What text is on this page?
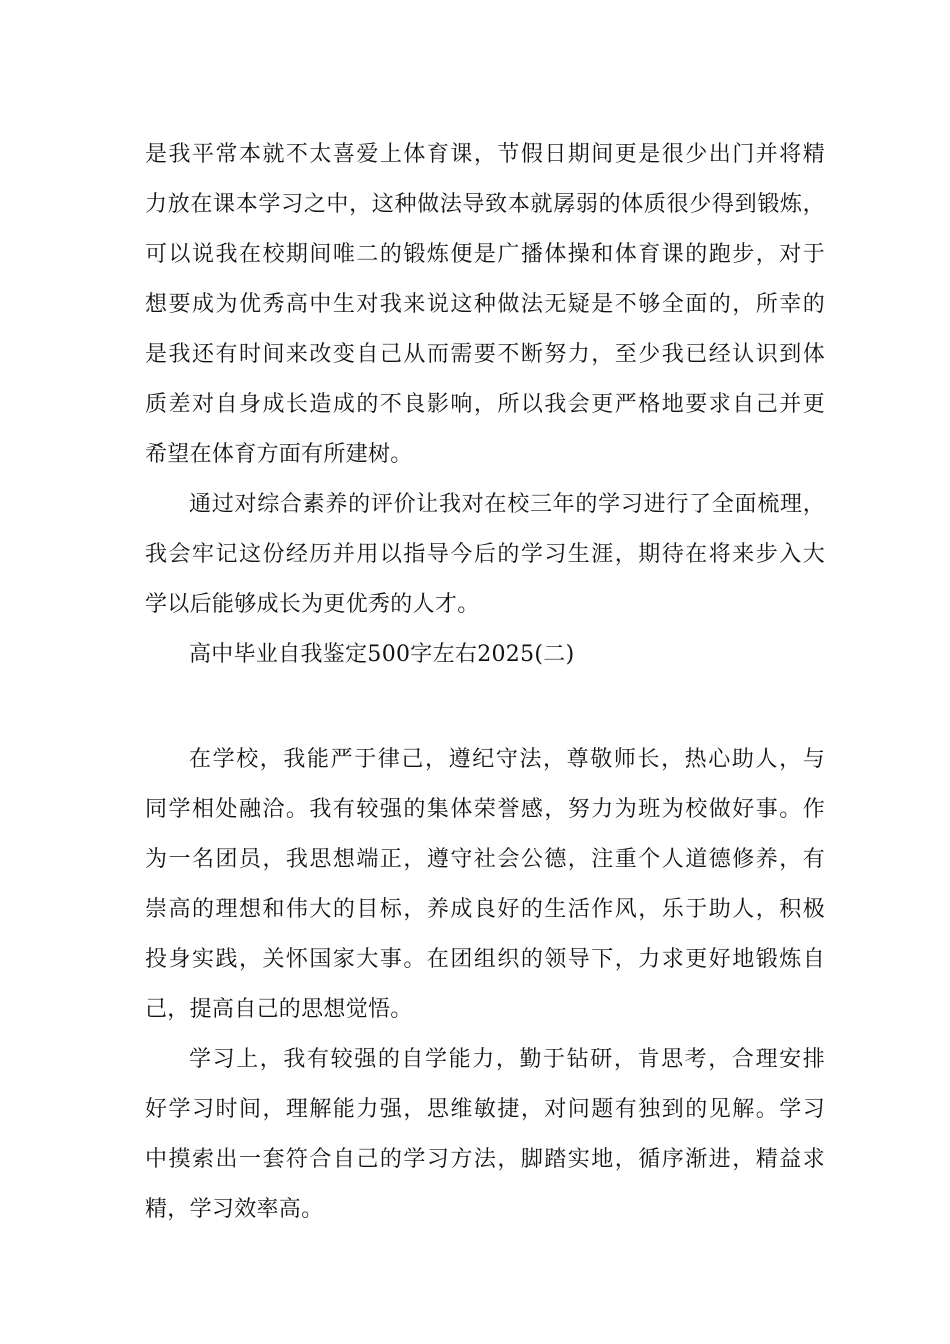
是我平常本就不太喜爱上体育课，节假日期间更是很少出门并将精
力放在课本学习之中，这种做法导致本就孱弱的体质很少得到锻炼，
可以说我在校期间唯二的锻炼便是广播体操和体育课的跑步，对于
想要成为优秀高中生对我来说这种做法无疑是不够全面的，所幸的
是我还有时间来改变自己从而需要不断努力，至少我已经认识到体
质差对自身成长造成的不良影响，所以我会更严格地要求自己并更
希望在体育方面有所建树。
通过对综合素养的评价让我对在校三年的学习进行了全面梳理，
我会牢记这份经历并用以指导今后的学习生涯，期待在将来步入大
学以后能够成长为更优秀的人才。
高中毕业自我鉴定500字左右2025(二)
在学校，我能严于律己，遵纪守法，尊敬师长，热心助人，与
同学相处融洽。我有较强的集体荣誉感，努力为班为校做好事。作
为一名团员，我思想端正，遵守社会公德，注重个人道德修养，有
崇高的理想和伟大的目标，养成良好的生活作风，乐于助人，积极
投身实践，关怀国家大事。在团组织的领导下，力求更好地锻炼自
己，提高自己的思想觉悟。
学习上，我有较强的自学能力，勤于钻研，肯思考，合理安排
好学习时间，理解能力强，思维敏捷，对问题有独到的见解。学习
中摸索出一套符合自己的学习方法，脚踏实地，循序渐进，精益求
精，学习效率高。
